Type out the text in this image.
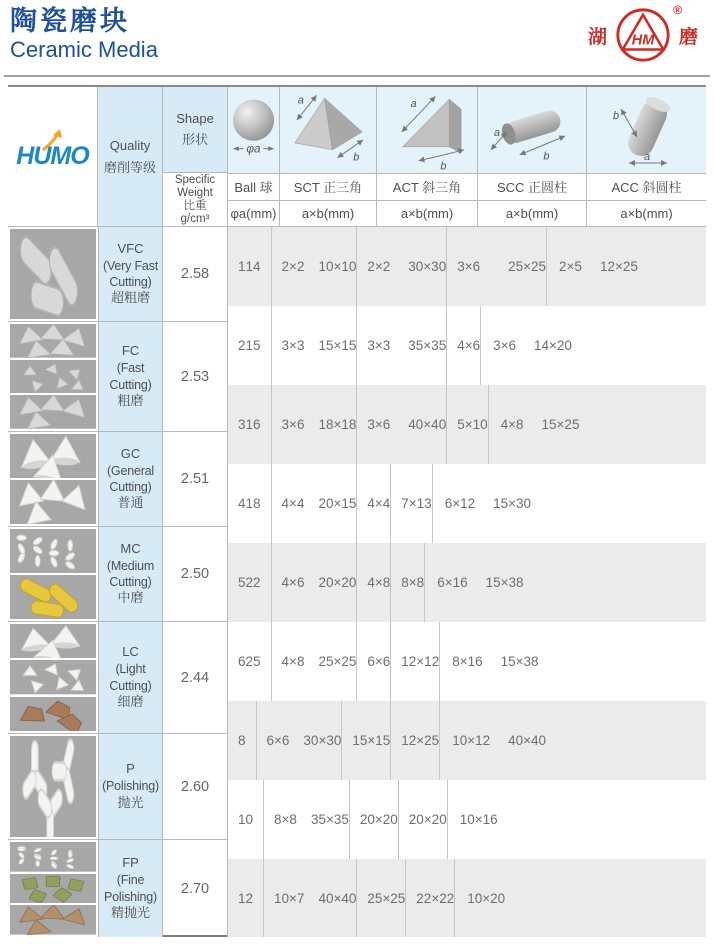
陶瓷磨块
Ceramic Media
湖 HM
®
磨
HUMO Quality
磨削等级
Shape
形状
Specific Weight
比重
g/cm³
φa
Ball 球
φa(mm)
a
b
SCT 正三角
a×b(mm)
a
b
ACT 斜三角
a×b(mm)
a
b
SCC 正圆柱
a×b(mm)
b
a
ACC 斜圆柱
a×b(mm)
VFC
(Very Fast Cutting)
超粗磨
2.58
FC
(Fast Cutting)
粗磨
2.53
GC
(General Cutting)
普通
2.51
MC
(Medium Cutting)
中磨
2.50
LC
(Light Cutting)
细磨
2.44
P
(Polishing)
抛光
2.60
FP
(Fine Polishing)
精抛光
2.70
1 14 2×2 10×10 2×2 30×30 3×6 25×25 2×5 12×25
2 15 3×3 15×15 3×3 35×35 4×6 3×6 14×20
3 16 3×6 18×18 3×6 40×40 5×10 4×8 15×25
4 18 4×4 20×15 4×4 7×13 6×12 15×30
5 22 4×6 20×20 4×8 8×8 6×16 15×38
6 25 4×8 25×25 6×6 12×12 8×16 15×38
8 6×6 30×30 15×15 12×25 10×12 40×40
10 8×8 35×35 20×20 20×20 10×16
12 10×7 40×40 25×25 22×22 10×20
